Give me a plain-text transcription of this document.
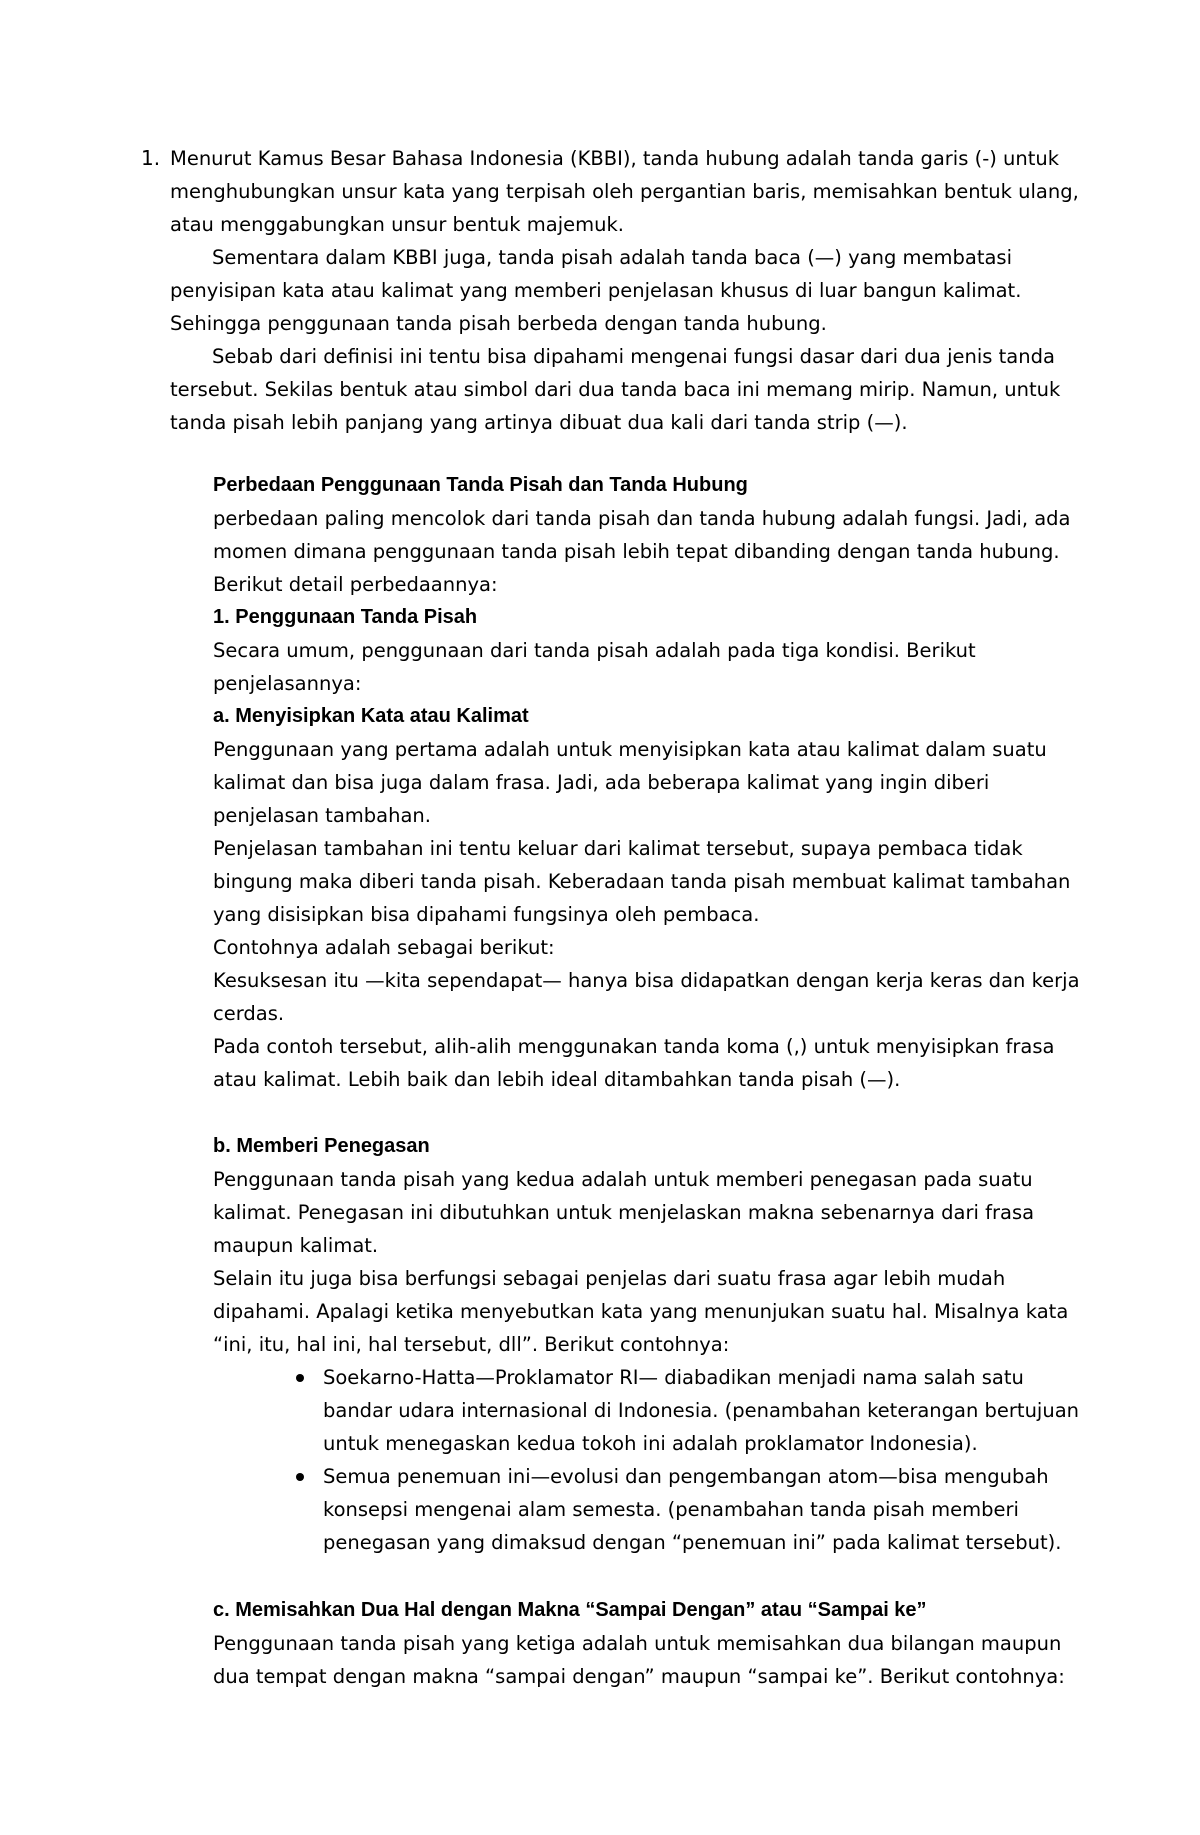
1. Menurut Kamus Besar Bahasa Indonesia (KBBI), tanda hubung adalah tanda garis (-) untuk menghubungkan unsur kata yang terpisah oleh pergantian baris, memisahkan bentuk ulang, atau menggabungkan unsur bentuk majemuk.

Sementara dalam KBBI juga, tanda pisah adalah tanda baca (—) yang membatasi penyisipan kata atau kalimat yang memberi penjelasan khusus di luar bangun kalimat. Sehingga penggunaan tanda pisah berbeda dengan tanda hubung.

Sebab dari definisi ini tentu bisa dipahami mengenai fungsi dasar dari dua jenis tanda tersebut. Sekilas bentuk atau simbol dari dua tanda baca ini memang mirip. Namun, untuk tanda pisah lebih panjang yang artinya dibuat dua kali dari tanda strip (—).

Perbedaan Penggunaan Tanda Pisah dan Tanda Hubung

perbedaan paling mencolok dari tanda pisah dan tanda hubung adalah fungsi. Jadi, ada momen dimana penggunaan tanda pisah lebih tepat dibanding dengan tanda hubung. Berikut detail perbedaannya:

1. Penggunaan Tanda Pisah

Secara umum, penggunaan dari tanda pisah adalah pada tiga kondisi. Berikut penjelasannya:

a. Menyisipkan Kata atau Kalimat

Penggunaan yang pertama adalah untuk menyisipkan kata atau kalimat dalam suatu kalimat dan bisa juga dalam frasa. Jadi, ada beberapa kalimat yang ingin diberi penjelasan tambahan.

Penjelasan tambahan ini tentu keluar dari kalimat tersebut, supaya pembaca tidak bingung maka diberi tanda pisah. Keberadaan tanda pisah membuat kalimat tambahan yang disisipkan bisa dipahami fungsinya oleh pembaca.

Contohnya adalah sebagai berikut:

Kesuksesan itu —kita sependapat— hanya bisa didapatkan dengan kerja keras dan kerja cerdas.

Pada contoh tersebut, alih-alih menggunakan tanda koma (,) untuk menyisipkan frasa atau kalimat. Lebih baik dan lebih ideal ditambahkan tanda pisah (—).

b. Memberi Penegasan

Penggunaan tanda pisah yang kedua adalah untuk memberi penegasan pada suatu kalimat. Penegasan ini dibutuhkan untuk menjelaskan makna sebenarnya dari frasa maupun kalimat.

Selain itu juga bisa berfungsi sebagai penjelas dari suatu frasa agar lebih mudah dipahami. Apalagi ketika menyebutkan kata yang menunjukan suatu hal. Misalnya kata “ini, itu, hal ini, hal tersebut, dll”. Berikut contohnya:

Soekarno-Hatta—Proklamator RI— diabadikan menjadi nama salah satu bandar udara internasional di Indonesia. (penambahan keterangan bertujuan untuk menegaskan kedua tokoh ini adalah proklamator Indonesia).

Semua penemuan ini—evolusi dan pengembangan atom—bisa mengubah konsepsi mengenai alam semesta. (penambahan tanda pisah memberi penegasan yang dimaksud dengan “penemuan ini” pada kalimat tersebut).

c. Memisahkan Dua Hal dengan Makna “Sampai Dengan” atau “Sampai ke”

Penggunaan tanda pisah yang ketiga adalah untuk memisahkan dua bilangan maupun dua tempat dengan makna “sampai dengan” maupun “sampai ke”. Berikut contohnya:
